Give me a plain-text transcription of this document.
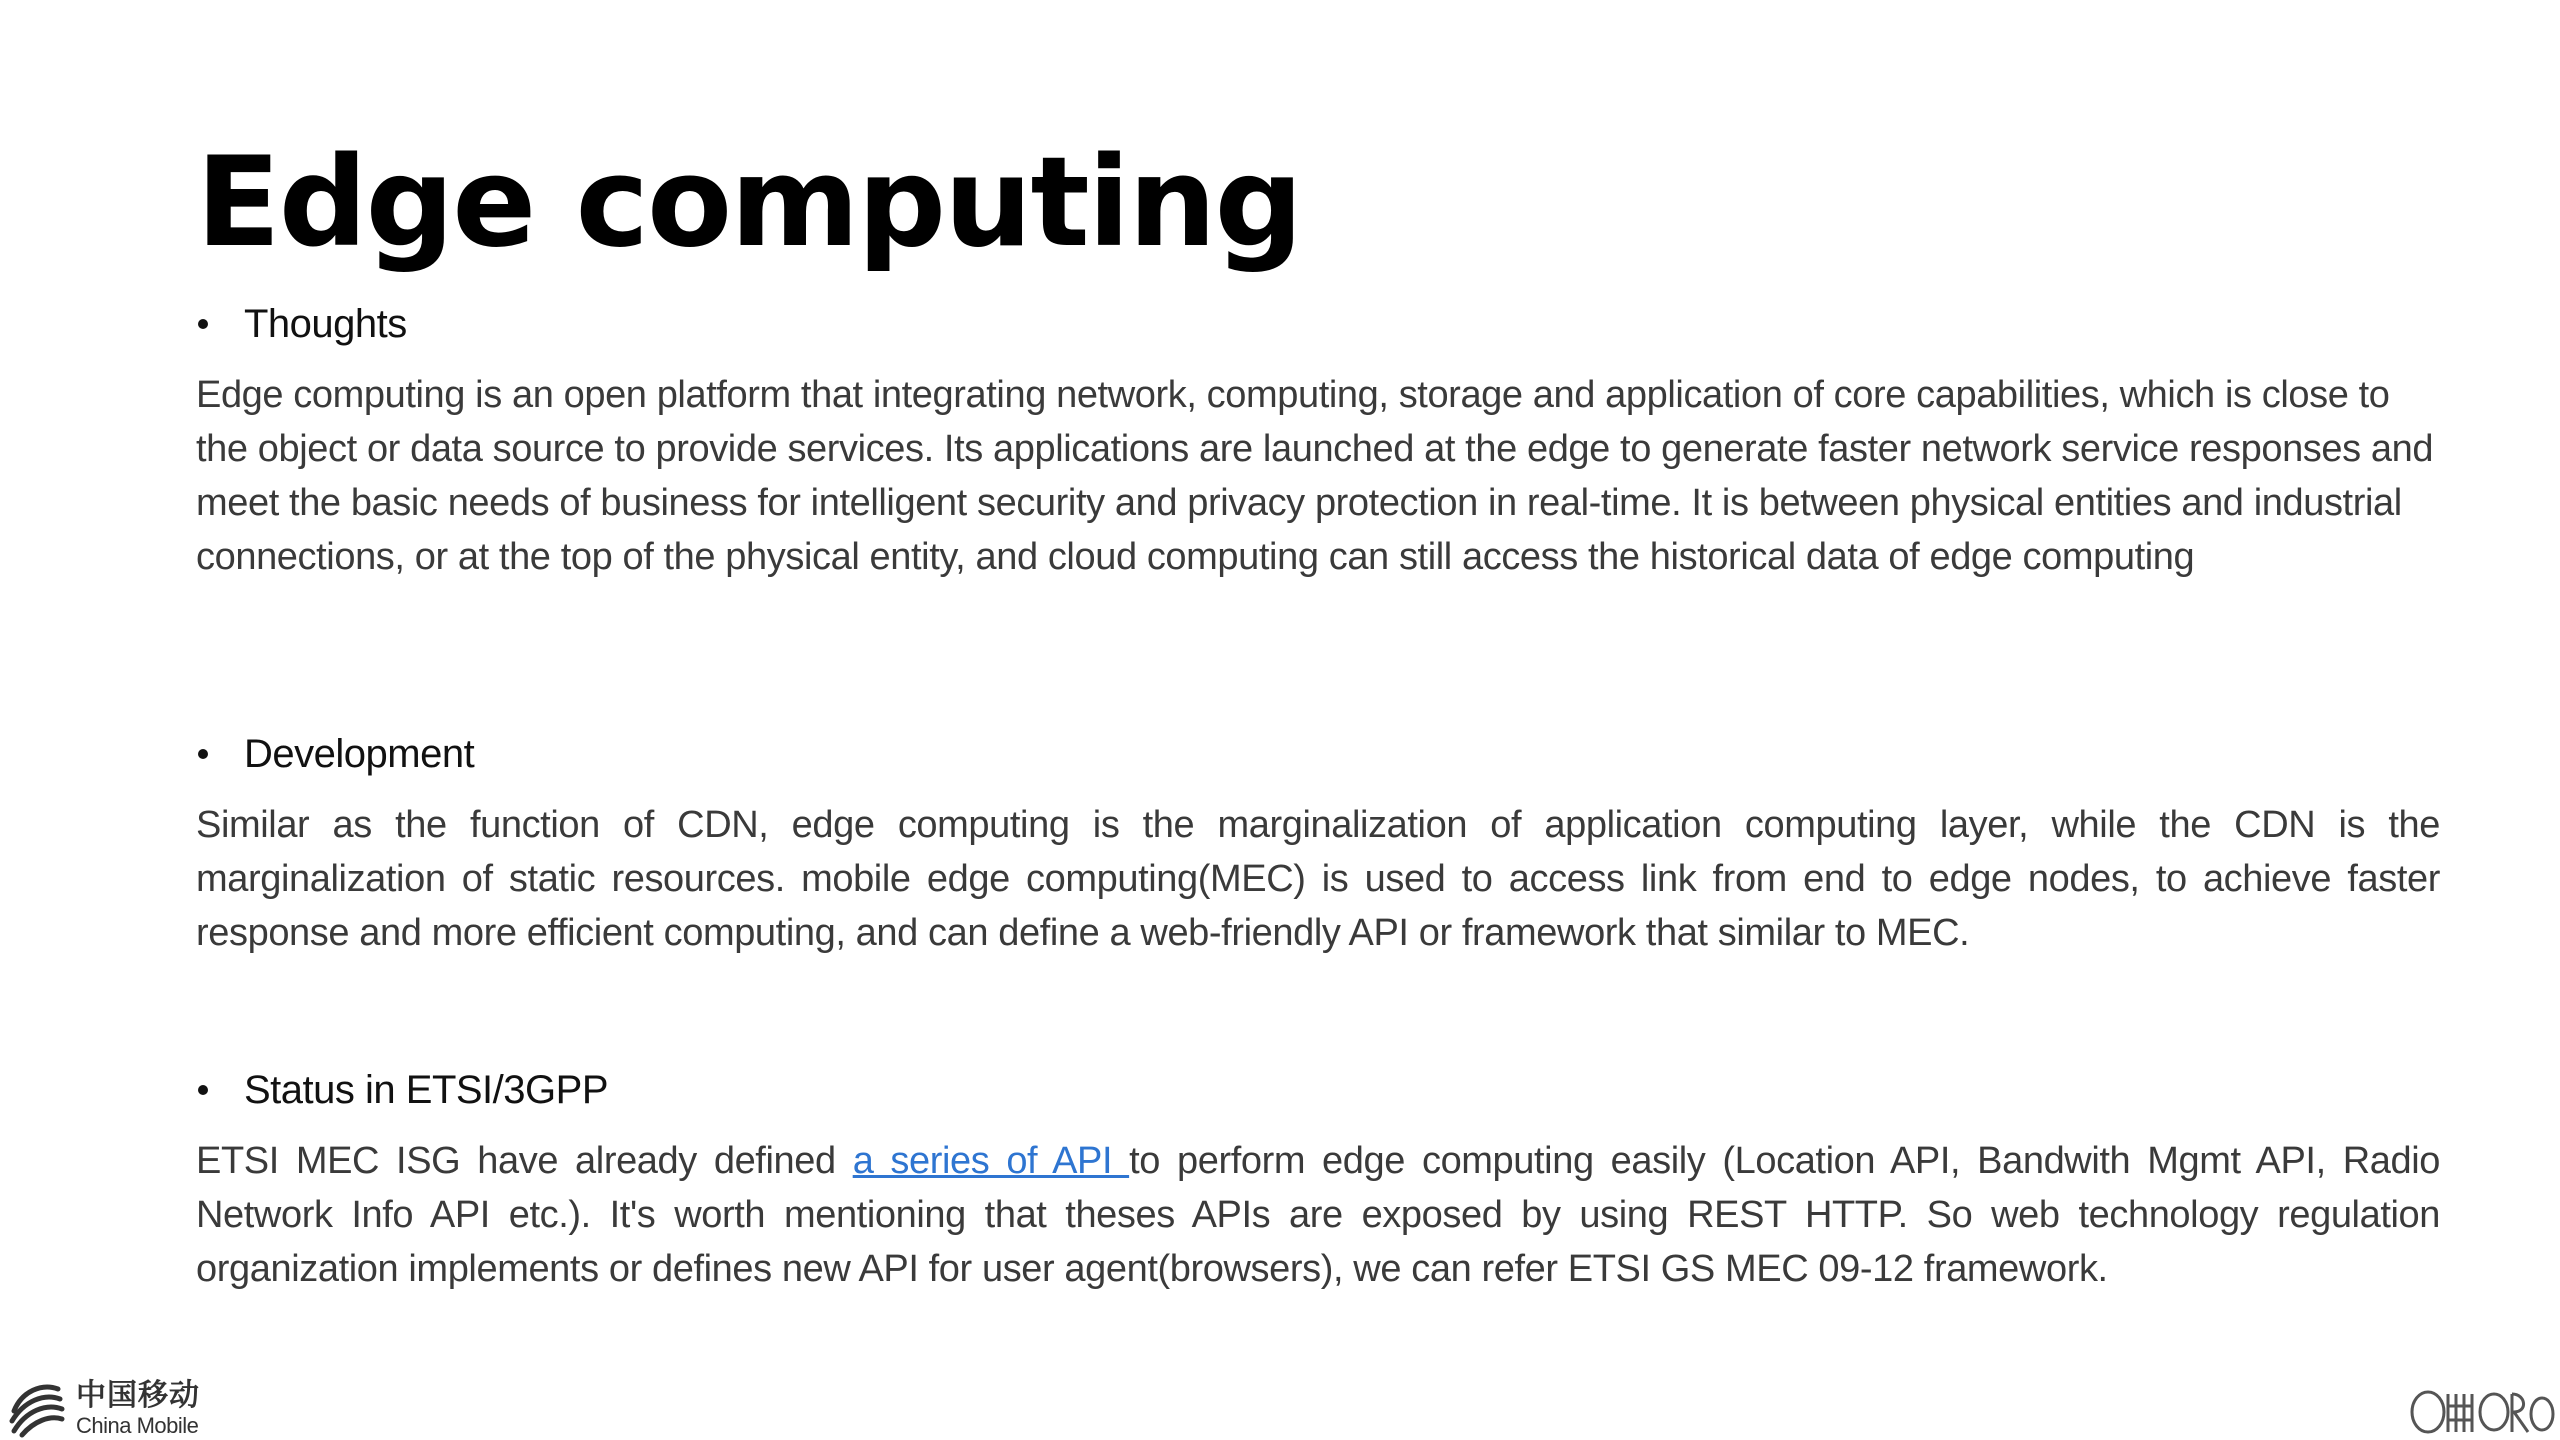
Edge computing
Thoughts

Edge computing is an open platform that integrating network, computing, storage and application of core capabilities, which is close to the object or data source to provide services. Its applications are launched at the edge to generate faster network service responses and meet the basic needs of business for intelligent security and privacy protection in real-time. It is between physical entities and industrial connections, or at the top of the physical entity, and cloud computing can still access the historical data of edge computing

Development

Similar as the function of CDN, edge computing is the marginalization of application computing layer, while the CDN is the marginalization of static resources. mobile edge computing(MEC) is used to access link from end to edge nodes, to achieve faster response and more efficient computing, and can define a web-friendly API or framework that similar to MEC.

Status in ETSI/3GPP

ETSI MEC ISG have already defined a series of API to perform edge computing easily (Location API, Bandwith Mgmt API, Radio Network Info API etc.). It's worth mentioning that theses APIs are exposed by using REST HTTP. So web technology regulation organization implements or defines new API for user agent(browsers), we can refer ETSI GS MEC 09-12 framework.

中国移动
China Mobile
